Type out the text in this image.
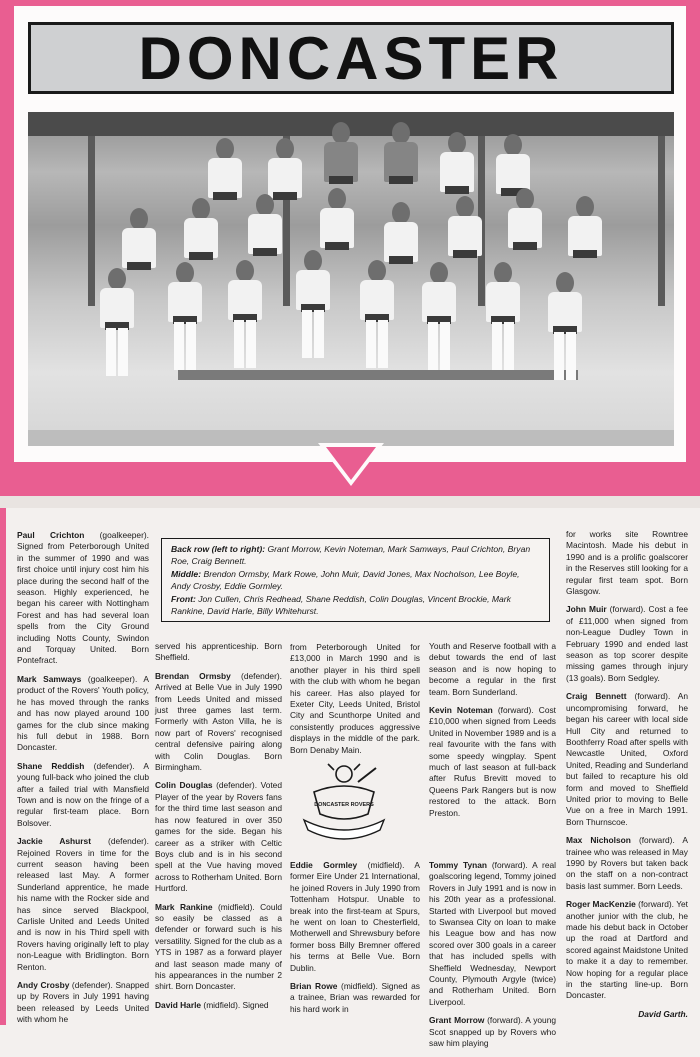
DONCASTER

Back row (left to right): Grant Morrow, Kevin Noteman, Mark Samways, Paul Crichton, Bryan Roe, Craig Bennett.

Middle: Brendon Ormsby, Mark Rowe, John Muir, David Jones, Max Nocholson, Lee Boyle, Andy Crosby, Eddie Gormley.

Front: Jon Cullen, Chris Redhead, Shane Reddish, Colin Douglas, Vincent Brockie, Mark Rankine, David Harle, Billy Whitehurst.

Paul Crichton (goalkeeper). Signed from Peterborough United in the summer of 1990 and was first choice until injury cost him his place during the second half of the season. Highly experienced, he began his career with Nottingham Forest and has had several loan spells from the City Ground including Notts County, Swindon and Torquay United. Born Pontefract.

Mark Samways (goalkeeper). A product of the Rovers' Youth policy, he has moved through the ranks and has now played around 100 games for the club since making his full debut in 1988. Born Doncaster.

Shane Reddish (defender). A young full-back who joined the club after a failed trial with Mansfield Town and is now on the fringe of a regular first-team place. Born Bolsover.

Jackie Ashurst (defender). Rejoined Rovers in time for the current season having been released last May. A former Sunderland apprentice, he made his name with the Rocker side and has since served Blackpool, Carlisle United and Leeds United and is now in his Third spell with Rovers having originally left to play non-League with Bridlington. Born Renton.

Andy Crosby (defender). Snapped up by Rovers in July 1991 having been released by Leeds United with whom he

served his apprenticeship. Born Sheffield.

Brendan Ormsby (defender). Arrived at Belle Vue in July 1990 from Leeds United and missed just three games last term. Formerly with Aston Villa, he is now part of Rovers' recognised central defensive pairing along with Colin Douglas. Born Birmingham.

Colin Douglas (defender). Voted Player of the year by Rovers fans for the third time last season and has now featured in over 350 games for the side. Began his career as a striker with Celtic Boys club and is in his second spell at the Vue having moved across to Rotherham United. Born Hurtford.

Mark Rankine (midfield). Could so easily be classed as a defender or forward such is his versatility. Signed for the club as a YTS in 1987 as a forward player and last season made many of his appearances in the number 2 shirt. Born Doncaster.

David Harle (midfield). Signed

from Peterborough United for £13,000 in March 1990 and is another player in his third spell with the club with whom he began his career. Has also played for Exeter City, Leeds United, Bristol City and Scunthorpe United and consistently produces aggressive displays in the middle of the park. Born Denaby Main.

DONCASTER ROVERS

Eddie Gormley (midfield). A former Eire Under 21 International, he joined Rovers in July 1990 from Tottenham Hotspur. Unable to break into the first-team at Spurs, he went on loan to Chesterfield, Motherwell and Shrewsbury before former boss Billy Bremner offered his terms at Belle Vue. Born Dublin.

Brian Rowe (midfield). Signed as a trainee, Brian was rewarded for his hard work in

Youth and Reserve football with a debut towards the end of last season and is now hoping to become a regular in the first team. Born Sunderland.

Kevin Noteman (forward). Cost £10,000 when signed from Leeds United in November 1989 and is a real favourite with the fans with some speedy wingplay. Spent much of last season at full-back after Rufus Brevitt moved to Queens Park Rangers but is now restored to the attack. Born Preston.

Tommy Tynan (forward). A real goalscoring legend, Tommy joined Rovers in July 1991 and is now in his 20th year as a professional. Started with Liverpool but moved to Swansea City on loan to make his League bow and has now scored over 300 goals in a career that has included spells with Sheffield Wednesday, Newport County, Plymouth Argyle (twice) and Rotherham United. Born Liverpool.

Grant Morrow (forward). A young Scot snapped up by Rovers who saw him playing

for works site Rowntree Macintosh. Made his debut in 1990 and is a prolific goalscorer in the Reserves still looking for a regular first team spot. Born Glasgow.

John Muir (forward). Cost a fee of £11,000 when signed from non-League Dudley Town in February 1990 and ended last season as top scorer despite missing games through injury (13 goals). Born Sedgley.

Craig Bennett (forward). An uncompromising forward, he began his career with local side Hull City and returned to Boothferry Road after spells with Newcastle United, Oxford United, Reading and Sunderland but failed to recapture his old form and moved to Sheffield United prior to moving to Belle Vue on a free in March 1991. Born Thurnscoe.

Max Nicholson (forward). A trainee who was released in May 1990 by Rovers but taken back on the staff on a non-contract basis last summer. Born Leeds.

Roger MacKenzie (forward). Yet another junior with the club, he made his debut back in October up the road at Dartford and scored against Maidstone United to make it a day to remember. Now hoping for a regular place in the starting line-up. Born Doncaster.

David Garth.
